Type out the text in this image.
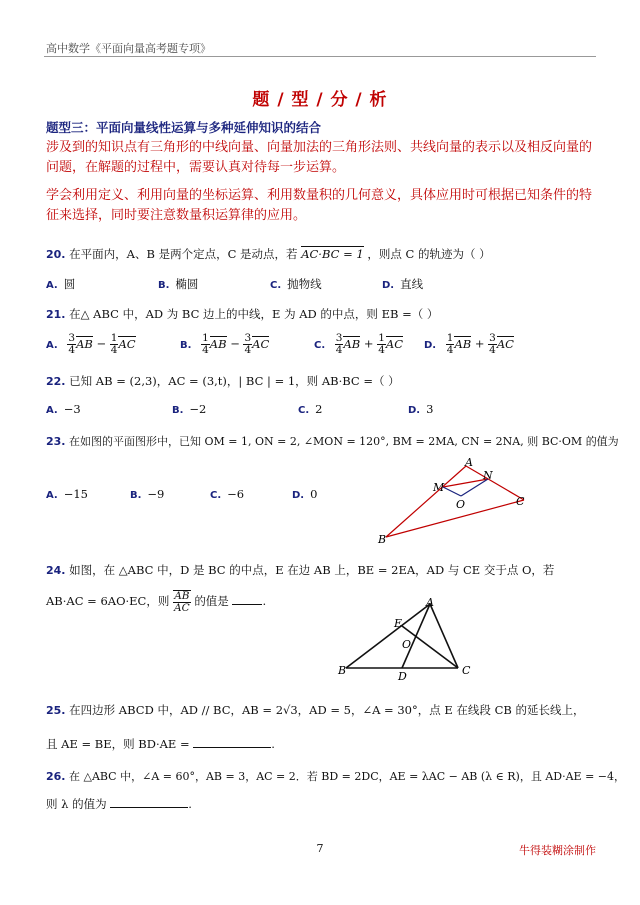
高中数学《平面向量高考题专项》
题 / 型 / 分 / 析
题型三：平面向量线性运算与多种延伸知识的结合
涉及到的知识点有三角形的中线向量、向量加法的三角形法则、共线向量的表示以及相反向量的问题，在解题的过程中，需要认真对待每一步运算。
学会利用定义、利用向量的坐标运算、利用数量积的几何意义，具体应用时可根据已知条件的特征来选择，同时要注意数量积运算律的应用。
20. 在平面内，A、B 是两个定点，C 是动点，若 AC·BC = 1 ，则点 C 的轨迹为（ ）
A. 圆	B. 椭圆	C. 抛物线	D. 直线
21. 在△ ABC 中，AD 为 BC 边上的中线，E 为 AD 的中点，则 EB =（ ）
A. $\frac{3}{4}$ AB − $\frac{1}{4}$ AC	B. $\frac{1}{4}$ AB − $\frac{3}{4}$ AC	C. $\frac{3}{4}$ AB + $\frac{1}{4}$ AC D. $\frac{1}{4}$ AB + $\frac{3}{4}$ AC
22. 已知 AB = (2,3)，AC = (3,t)，| BC | = 1，则 AB·BC =（ ）
A. −3	B. −2	C. 2	D. 3
23. 在如图的平面图形中，已知 OM = 1, ON = 2, ∠MON = 120°, BM = 2MA, CN = 2NA, 则 BC·OM 的值为
A. −15	B. −9	C. −6	D. 0
A
N
M
O	C
B
24. 如图，在 △ABC 中，D 是 BC 的中点，E 在边 AB 上，BE = 2EA，AD 与 CE 交于点 O，若
AB·AC = 6AO·EC，则 $\frac{AB}{AC}$ 的值是	.	A
E
O
B	D	C
25. 在四边形 ABCD 中，AD // BC，AB = 2√3，AD = 5，∠A = 30°，点 E 在线段 CB 的延长线上，
且 AE = BE，则 BD·AE =	.
26. 在 △ABC 中，∠A = 60°，AB = 3，AC = 2．若 BD = 2DC，AE = λAC − AB (λ ∈ R)，且 AD·AE = −4，
则 λ 的值为	.
7	牛得装糊涂制作
